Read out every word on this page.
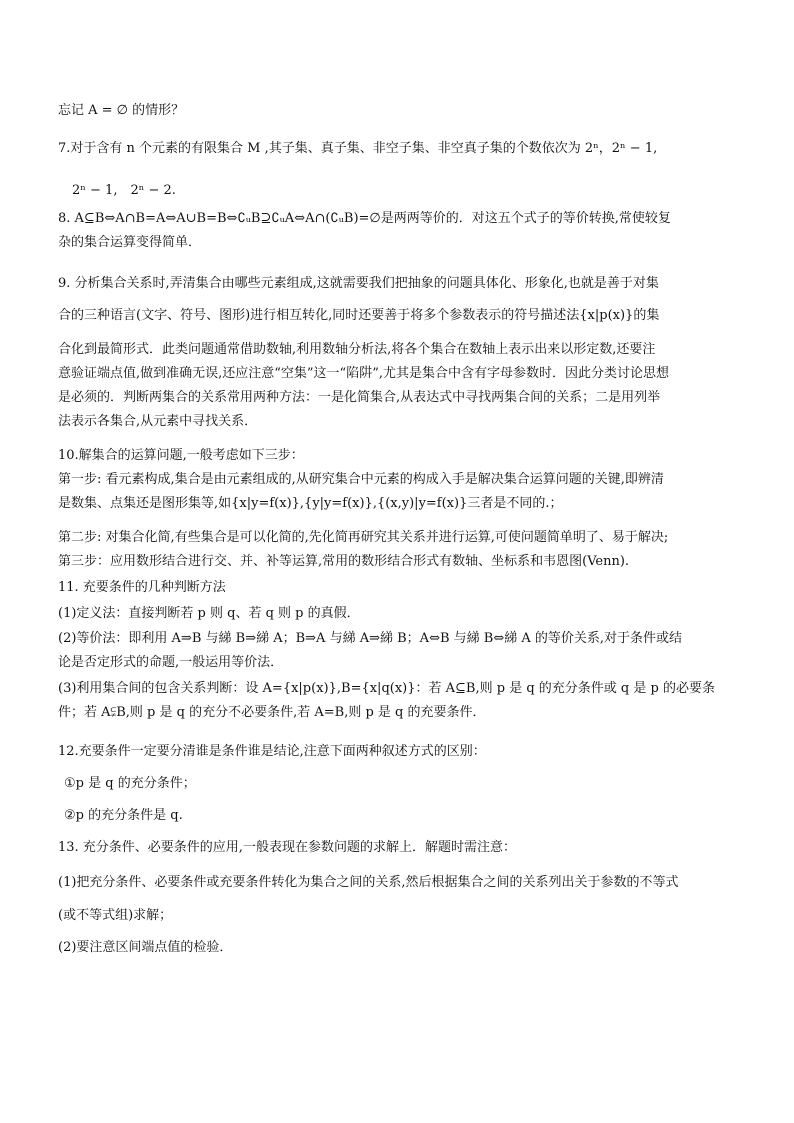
忘记 A = ∅ 的情形？
7.对于含有 n 个元素的有限集合 M ,其子集、真子集、非空子集、非空真子集的个数依次为 2ⁿ，2ⁿ − 1,
2ⁿ − 1,　2ⁿ − 2.
8. A⊆B⇔A∩B=A⇔A∪B=B⇔∁ᵤB⊇∁ᵤA⇔A∩(∁ᵤB)=∅是两两等价的．对这五个式子的等价转换,常使较复
杂的集合运算变得简单．
9. 分析集合关系时,弄清集合由哪些元素组成,这就需要我们把抽象的问题具体化、形象化,也就是善于对集
合的三种语言(文字、符号、图形)进行相互转化,同时还要善于将多个参数表示的符号描述法{x|p(x)}的集
合化到最简形式．此类问题通常借助数轴,利用数轴分析法,将各个集合在数轴上表示出来以形定数,还要注
意验证端点值,做到准确无误,还应注意“空集”这一“陷阱”,尤其是集合中含有字母参数时．因此分类讨论思想
是必须的．判断两集合的关系常用两种方法：一是化简集合,从表达式中寻找两集合间的关系；二是用列举
法表示各集合,从元素中寻找关系．
10.解集合的运算问题,一般考虑如下三步：
第一步: 看元素构成,集合是由元素组成的,从研究集合中元素的构成入手是解决集合运算问题的关键,即辨清
是数集、点集还是图形集等,如{x|y=f(x)},{y|y=f(x)},{(x,y)|y=f(x)}三者是不同的.；
第二步: 对集合化简,有些集合是可以化简的,先化简再研究其关系并进行运算,可使问题简单明了、易于解决;
第三步：应用数形结合进行交、并、补等运算,常用的数形结合形式有数轴、坐标系和韦恩图(Venn).
11. 充要条件的几种判断方法
(1)定义法：直接判断若 p 则 q、若 q 则 p 的真假．
(2)等价法：即利用 A⇒B 与綈 B⇒綈 A；B⇒A 与綈 A⇒綈 B；A⇔B 与綈 B⇔綈 A 的等价关系,对于条件或结
论是否定形式的命题,一般运用等价法．
(3)利用集合间的包含关系判断：设 A={x|p(x)},B={x|q(x)}：若 A⊆B,则 p 是 q 的充分条件或 q 是 p 的必要条
件；若 A⫋B,则 p 是 q 的充分不必要条件,若 A=B,则 p 是 q 的充要条件．
12.充要条件一定要分清谁是条件谁是结论,注意下面两种叙述方式的区别：
①p 是 q 的充分条件；
②p 的充分条件是 q.
13. 充分条件、必要条件的应用,一般表现在参数问题的求解上．解题时需注意：
(1)把充分条件、必要条件或充要条件转化为集合之间的关系,然后根据集合之间的关系列出关于参数的不等式
(或不等式组)求解；
(2)要注意区间端点值的检验．
